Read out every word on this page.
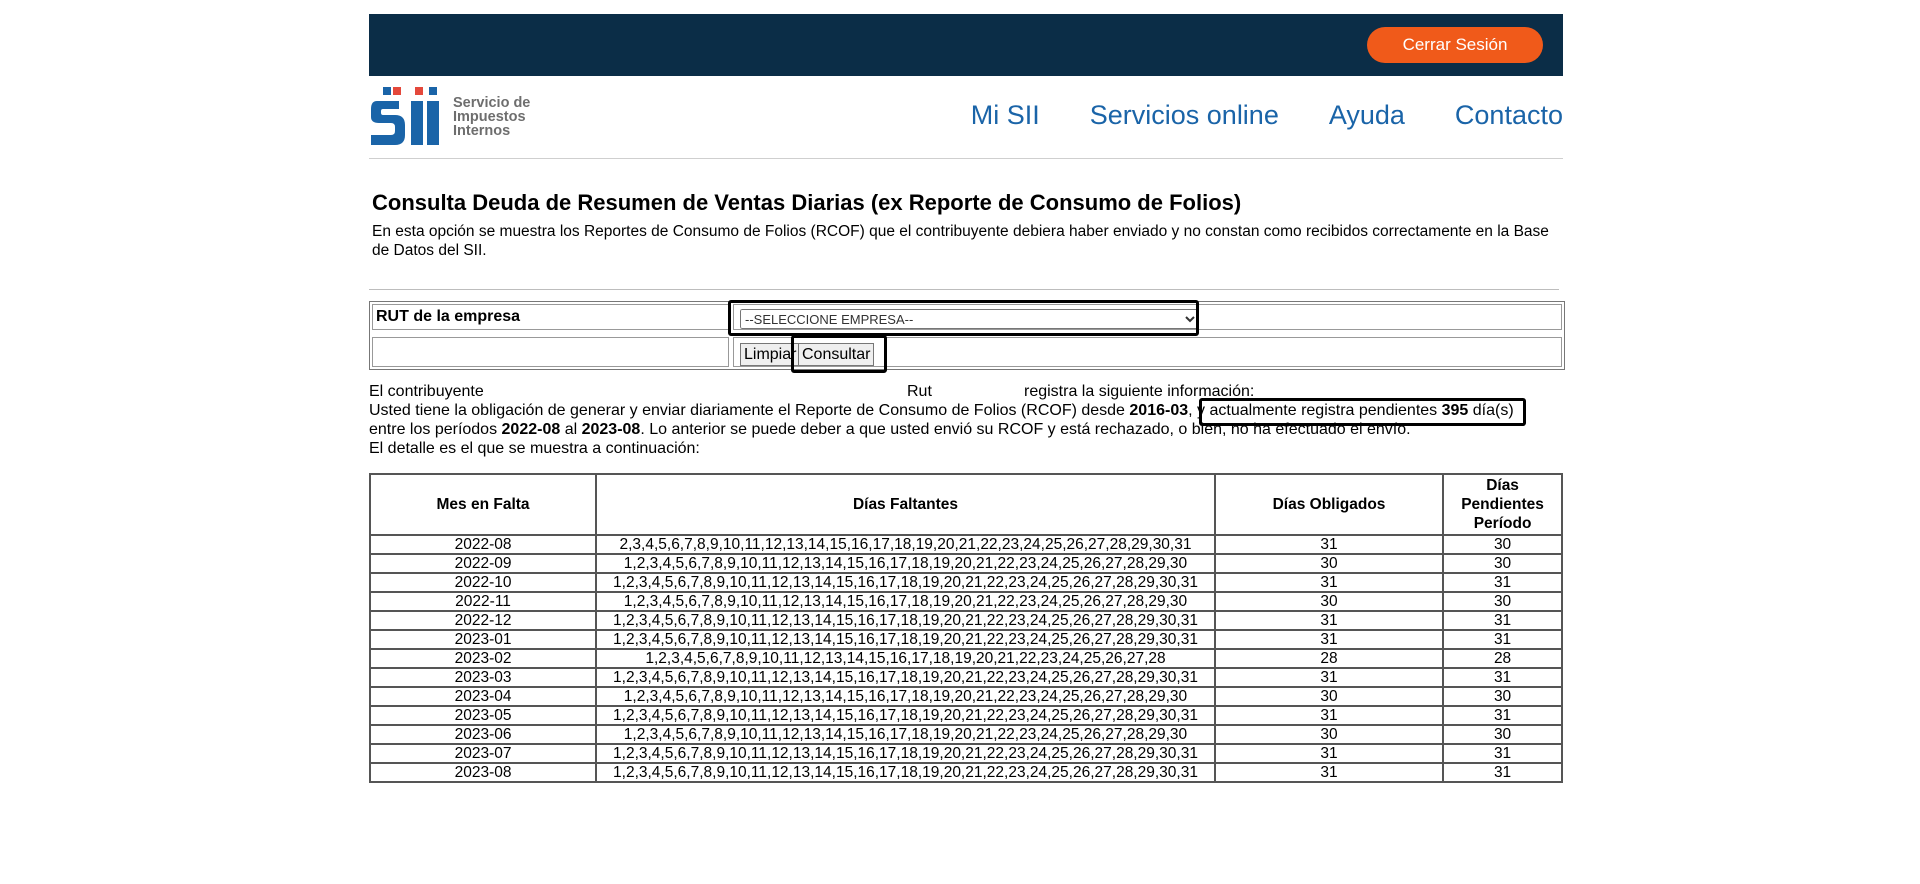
Cerrar Sesión
Servicio de
Impuestos
Internos
Mi SII Servicios online Ayuda Contacto
Consulta Deuda de Resumen de Ventas Diarias (ex Reporte de Consumo de Folios)
En esta opción se muestra los Reportes de Consumo de Folios (RCOF) que el contribuyente debiera haber enviado y no constan como recibidos correctamente en la Base de Datos del SII.
RUT de la empresa
--SELECCIONE EMPRESA--
Limpiar Consultar
El contribuyente	Rut	registra la siguiente información:
Usted tiene la obligación de generar y enviar diariamente el Reporte de Consumo de Folios (RCOF) desde 2016-03, y actualmente registra pendientes 395 día(s)
entre los períodos 2022-08 al 2023-08. Lo anterior se puede deber a que usted envió su RCOF y está rechazado, o bien, no ha efectuado el envío.
El detalle es el que se muestra a continuación:
Mes en Falta	Días Faltantes	Días Obligados	Días Pendientes Período
2022-08	2,3,4,5,6,7,8,9,10,11,12,13,14,15,16,17,18,19,20,21,22,23,24,25,26,27,28,29,30,31	31	30
2022-09	1,2,3,4,5,6,7,8,9,10,11,12,13,14,15,16,17,18,19,20,21,22,23,24,25,26,27,28,29,30	30	30
2022-10	1,2,3,4,5,6,7,8,9,10,11,12,13,14,15,16,17,18,19,20,21,22,23,24,25,26,27,28,29,30,31	31	31
2022-11	1,2,3,4,5,6,7,8,9,10,11,12,13,14,15,16,17,18,19,20,21,22,23,24,25,26,27,28,29,30	30	30
2022-12	1,2,3,4,5,6,7,8,9,10,11,12,13,14,15,16,17,18,19,20,21,22,23,24,25,26,27,28,29,30,31	31	31
2023-01	1,2,3,4,5,6,7,8,9,10,11,12,13,14,15,16,17,18,19,20,21,22,23,24,25,26,27,28,29,30,31	31	31
2023-02	1,2,3,4,5,6,7,8,9,10,11,12,13,14,15,16,17,18,19,20,21,22,23,24,25,26,27,28	28	28
2023-03	1,2,3,4,5,6,7,8,9,10,11,12,13,14,15,16,17,18,19,20,21,22,23,24,25,26,27,28,29,30,31	31	31
2023-04	1,2,3,4,5,6,7,8,9,10,11,12,13,14,15,16,17,18,19,20,21,22,23,24,25,26,27,28,29,30	30	30
2023-05	1,2,3,4,5,6,7,8,9,10,11,12,13,14,15,16,17,18,19,20,21,22,23,24,25,26,27,28,29,30,31	31	31
2023-06	1,2,3,4,5,6,7,8,9,10,11,12,13,14,15,16,17,18,19,20,21,22,23,24,25,26,27,28,29,30	30	30
2023-07	1,2,3,4,5,6,7,8,9,10,11,12,13,14,15,16,17,18,19,20,21,22,23,24,25,26,27,28,29,30,31	31	31
2023-08	1,2,3,4,5,6,7,8,9,10,11,12,13,14,15,16,17,18,19,20,21,22,23,24,25,26,27,28,29,30,31	31	31
